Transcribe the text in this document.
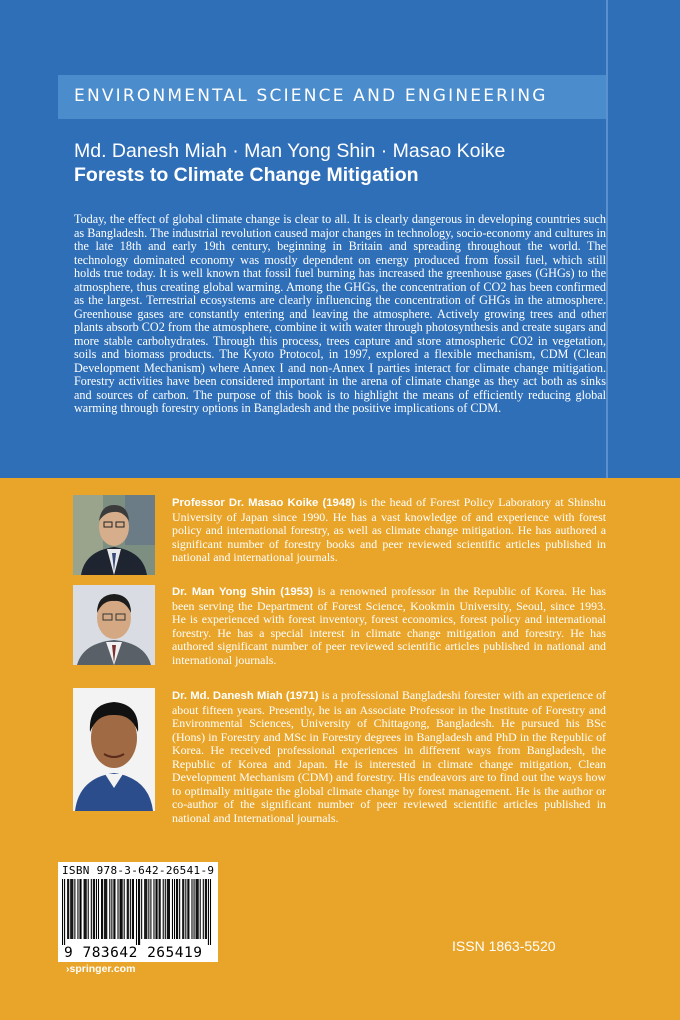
ENVIRONMENTAL SCIENCE AND ENGINEERING
Md. Danesh Miah · Man Yong Shin · Masao Koike
Forests to Climate Change Mitigation
Today, the effect of global climate change is clear to all. It is clearly dangerous in developing countries such as Bangladesh. The industrial revolution caused major changes in technology, socio-economy and cultures in the late 18th and early 19th century, beginning in Britain and spreading throughout the world. The technology dominated economy was mostly dependent on energy produced from fossil fuel, which still holds true today. It is well known that fossil fuel burning has increased the greenhouse gases (GHGs) to the atmosphere, thus creating global warming. Among the GHGs, the concentration of CO2 has been confirmed as the largest. Terrestrial ecosystems are clearly influencing the concentration of GHGs in the atmosphere. Greenhouse gases are constantly entering and leaving the atmosphere. Actively growing trees and other plants absorb CO2 from the atmosphere, combine it with water through photosynthesis and create sugars and more stable carbohydrates. Through this process, trees capture and store atmospheric CO2 in vegetation, soils and biomass products. The Kyoto Protocol, in 1997, explored a flexible mechanism, CDM (Clean Development Mechanism) where Annex I and non-Annex I parties interact for climate change mitigation. Forestry activities have been considered important in the arena of climate change as they act both as sinks and sources of carbon. The purpose of this book is to highlight the means of efficiently reducing global warming through forestry options in Bangladesh and the positive implications of CDM.
Professor Dr. Masao Koike (1948) is the head of Forest Policy Laboratory at Shinshu University of Japan since 1990. He has a vast knowledge of and experience with forest policy and international forestry, as well as climate change mitigation. He has authored a significant number of forestry books and peer reviewed scientific articles published in national and international journals.
Dr. Man Yong Shin (1953) is a renowned professor in the Republic of Korea. He has been serving the Department of Forest Science, Kookmin University, Seoul, since 1993. He is experienced with forest inventory, forest economics, forest policy and international forestry. He has a special interest in climate change mitigation and forestry. He has authored significant number of peer reviewed scientific articles published in national and international journals.
Dr. Md. Danesh Miah (1971) is a professional Bangladeshi forester with an experience of about fifteen years. Presently, he is an Associate Professor in the Institute of Forestry and Environmental Sciences, University of Chittagong, Bangladesh. He pursued his BSc (Hons) in Forestry and MSc in Forestry degrees in Bangladesh and PhD in the Republic of Korea. He received professional experiences in different ways from Bangladesh, the Republic of Korea and Japan. He is interested in climate change mitigation, Clean Development Mechanism (CDM) and forestry. His endeavors are to find out the ways how to optimally mitigate the global climate change by forest management. He is the author or co-author of the significant number of peer reviewed scientific articles published in national and International journals.
ISBN 978-3-642-26541-9
9 783642 265419
›springer.com
ISSN 1863-5520
